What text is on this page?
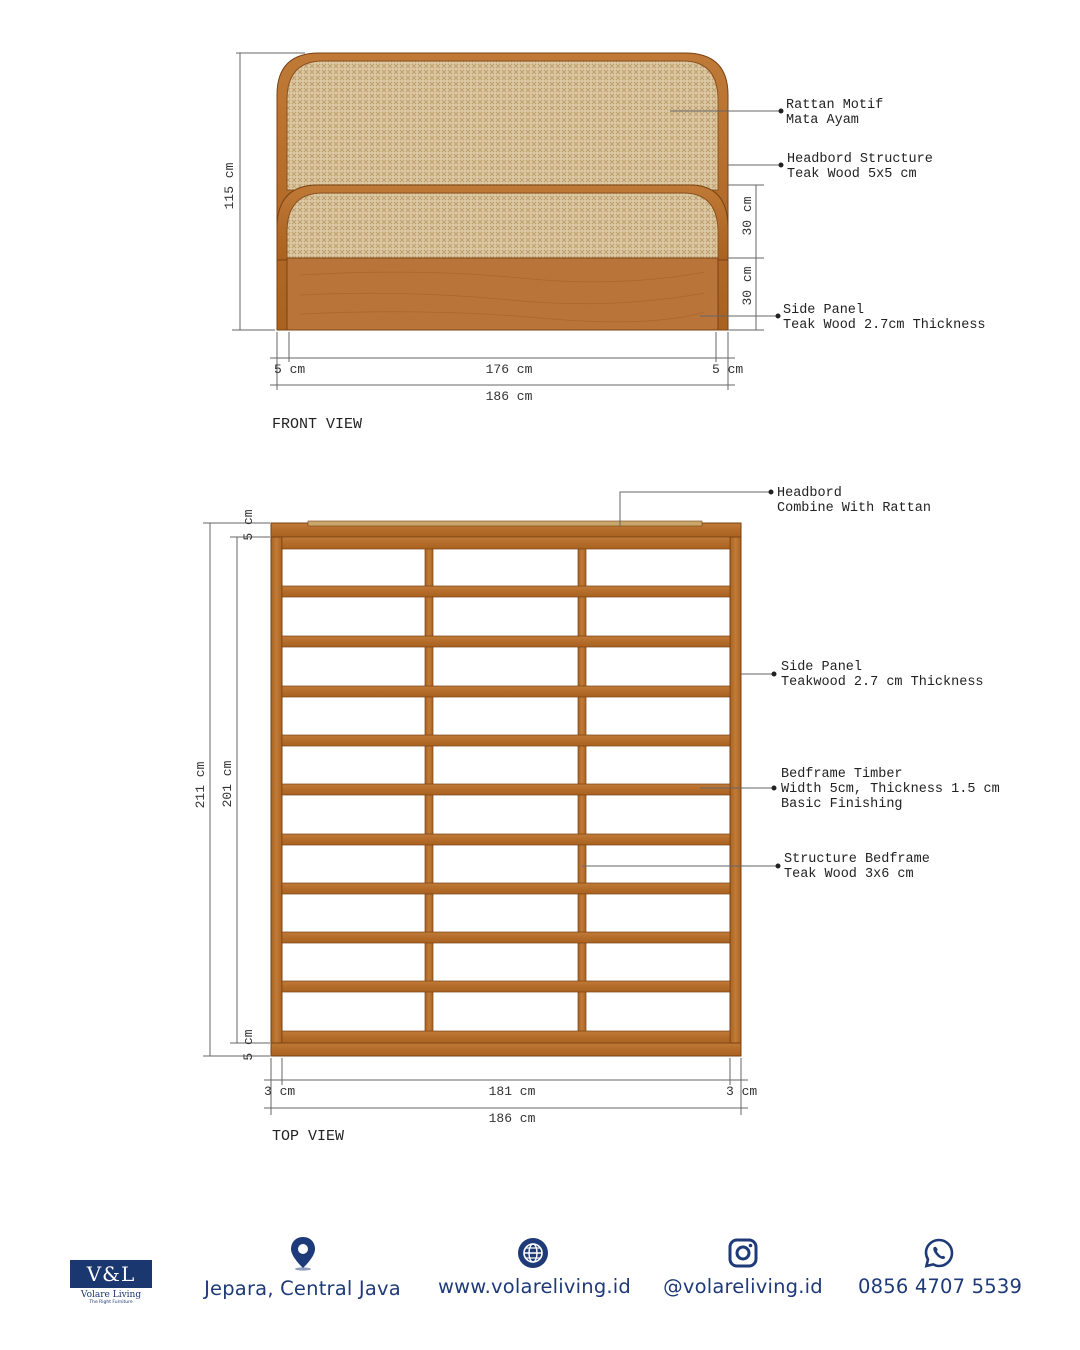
115 cm
30 cm
30 cm
5 cm	176 cm	5 cm
186 cm
Rattan Motif
Mata Ayam
Headbord Structure
Teak Wood 5x5 cm
Side Panel
Teak Wood 2.7cm Thickness
FRONT VIEW
211 cm 201 cm
5 cm
5 cm
3 cm	181 cm	3 cm
186 cm
Headbord
Combine With Rattan
Side Panel
Teakwood 2.7 cm Thickness
Bedframe Timber
Width 5cm, Thickness 1.5 cm
Basic Finishing
Structure Bedframe
Teak Wood 3x6 cm
TOP VIEW
V&L
Volare Living
The Right Furniture
Jepara, Central Java www.volareliving.id @volareliving.id 0856 4707 5539
